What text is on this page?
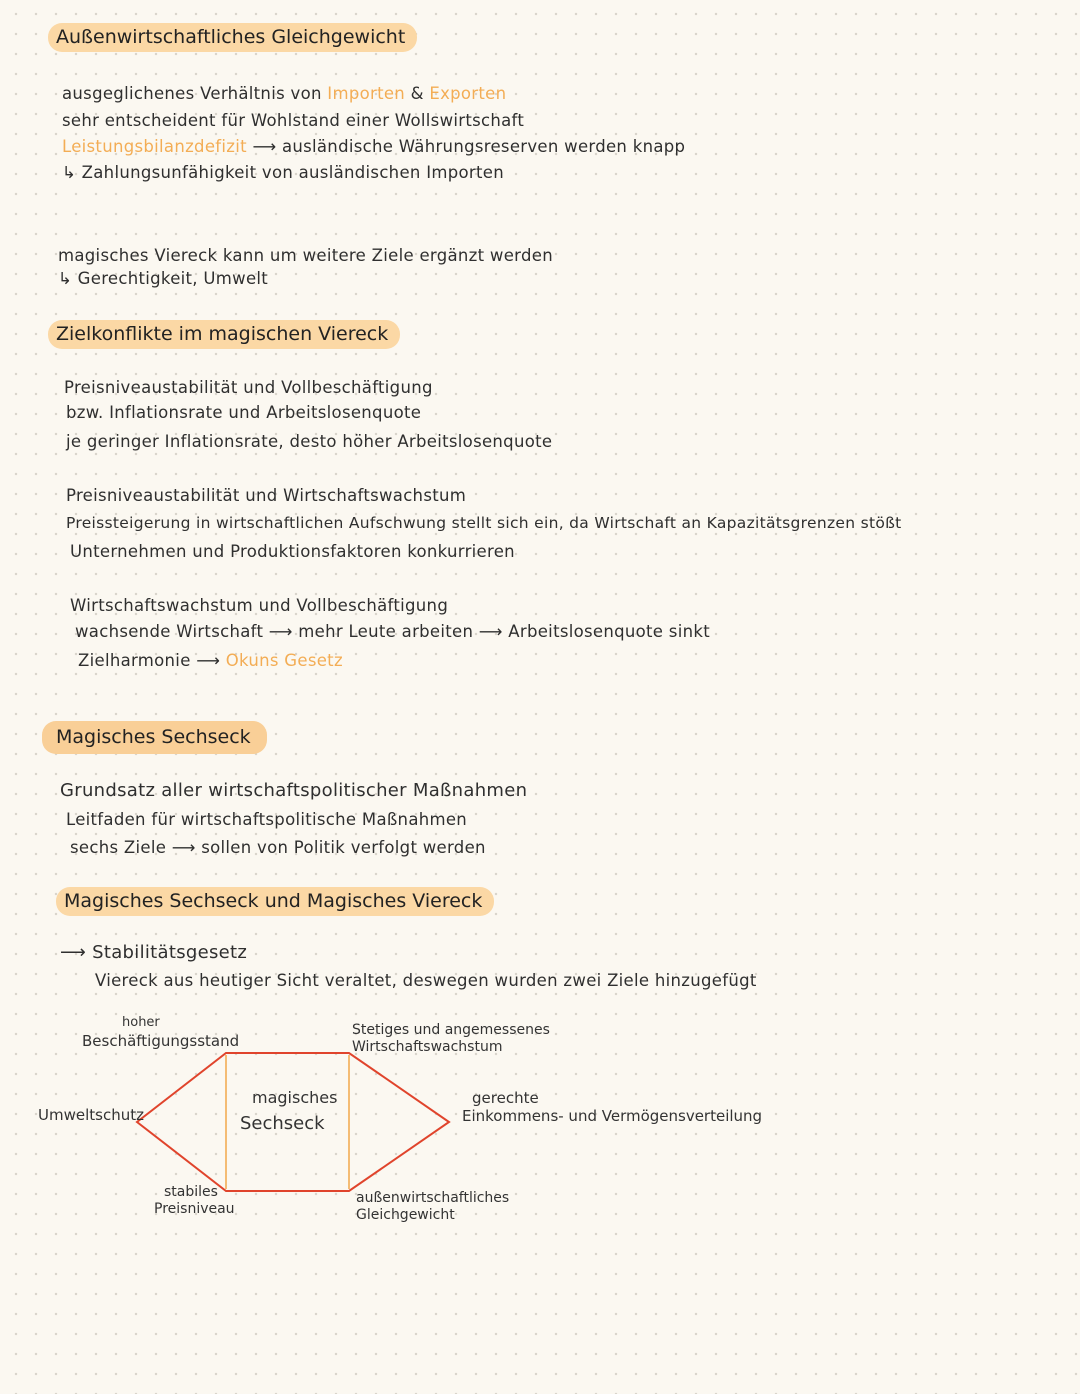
Außenwirtschaftliches Gleichgewicht
ausgeglichenes Verhältnis von Importen & Exporten
sehr entscheident für Wohlstand einer Wollswirtschaft
Leistungsbilanzdefizit ⟶ ausländische Währungsreserven werden knapp
↳ Zahlungsunfähigkeit von ausländischen Importen
magisches Viereck kann um weitere Ziele ergänzt werden
↳ Gerechtigkeit, Umwelt
Zielkonflikte im magischen Viereck
Preisniveaustabilität und Vollbeschäftigung
bzw. Inflationsrate und Arbeitslosenquote
je geringer Inflationsrate, desto höher Arbeitslosenquote
Preisniveaustabilität und Wirtschaftswachstum
Preissteigerung in wirtschaftlichen Aufschwung stellt sich ein, da Wirtschaft an Kapazitätsgrenzen stößt
Unternehmen und Produktionsfaktoren konkurrieren
Wirtschaftswachstum und Vollbeschäftigung
wachsende Wirtschaft ⟶ mehr Leute arbeiten ⟶ Arbeitslosenquote sinkt
Zielharmonie ⟶ Okuns Gesetz
Magisches Sechseck
Grundsatz aller wirtschaftspolitischer Maßnahmen
Leitfaden für wirtschaftspolitische Maßnahmen
sechs Ziele ⟶ sollen von Politik verfolgt werden
Magisches Sechseck und Magisches Viereck
⟶ Stabilitätsgesetz
Viereck aus heutiger Sicht veraltet, deswegen wurden zwei Ziele hinzugefügt
magisches
Sechseck
hoher
Beschäftigungsstand
Stetiges und angemessenes
Wirtschaftswachstum
Umweltschutz
gerechte
Einkommens- und Vermögensverteilung
stabiles
Preisniveau
außenwirtschaftliches
Gleichgewicht
